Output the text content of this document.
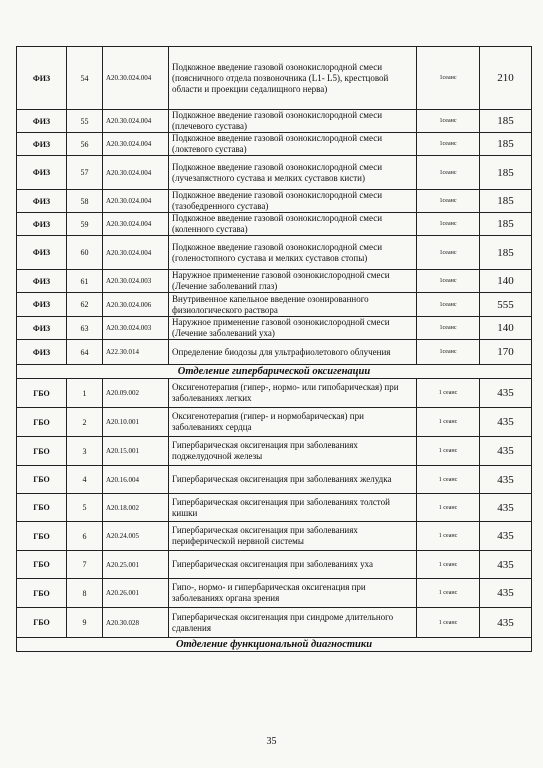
ФИЗ	54	А20.30.024.004	Подкожное введение газовой озонокислородной смеси (поясничного отдела позвоночника (L1- L5), крестцовой области и проекции седалищного нерва)	1сеанс	210
ФИЗ	55	А20.30.024.004	Подкожное введение газовой озонокислородной смеси (плечевого сустава)	1сеанс	185
ФИЗ	56	А20.30.024.004	Подкожное введение газовой озонокислородной смеси (локтевого сустава)	1сеанс	185
ФИЗ	57	А20.30.024.004	Подкожное введение газовой озонокислородной смеси (лучезапястного сустава и мелких суставов кисти)	1сеанс	185
ФИЗ	58	А20.30.024.004	Подкожное введение газовой озонокислородной смеси (тазобедренного сустава)	1сеанс	185
ФИЗ	59	А20.30.024.004	Подкожное введение газовой озонокислородной смеси (коленного сустава)	1сеанс	185
ФИЗ	60	А20.30.024.004	Подкожное введение газовой озонокислородной смеси (голеностопного сустава и мелких суставов стопы)	1сеанс	185
ФИЗ	61	А20.30.024.003	Наружное применение газовой озонокислородной смеси (Лечение заболеваний глаз)	1сеанс	140
ФИЗ	62	А20.30.024.006	Внутривенное капельное введение озонированного физиологического раствора	1сеанс	555
ФИЗ	63	А20.30.024.003	Наружное применение газовой озонокислородной смеси (Лечение заболеваний уха)	1сеанс	140
ФИЗ	64	А22.30.014	Определение биодозы для ультрафиолетового облучения	1сеанс	170
Отделение гипербарической оксигенации					
ГБО	1	А20.09.002	Оксигенотерапия (гипер-, нормо- или гипобарическая) при заболеваниях легких	1 сеанс	435
ГБО	2	А20.10.001	Оксигенотерапия (гипер- и нормобарическая) при заболеваниях сердца	1 сеанс	435
ГБО	3	А20.15.001	Гипербарическая оксигенация при заболеваниях поджелудочной железы	1 сеанс	435
ГБО	4	А20.16.004	Гипербарическая оксигенация при заболеваниях желудка	1 сеанс	435
ГБО	5	А20.18.002	Гипербарическая оксигенация при заболеваниях толстой кишки	1 сеанс	435
ГБО	6	А20.24.005	Гипербарическая оксигенация при заболеваниях периферической нервной системы	1 сеанс	435
ГБО	7	А20.25.001	Гипербарическая оксигенация при заболеваниях уха	1 сеанс	435
ГБО	8	А20.26.001	Гипо-, нормо- и гипербарическая оксигенация при заболеваниях органа зрения	1 сеанс	435
ГБО	9	А20.30.028	Гипербарическая оксигенация при синдроме длительного сдавления	1 сеанс	435
Отделение функциональной диагностики					
35
